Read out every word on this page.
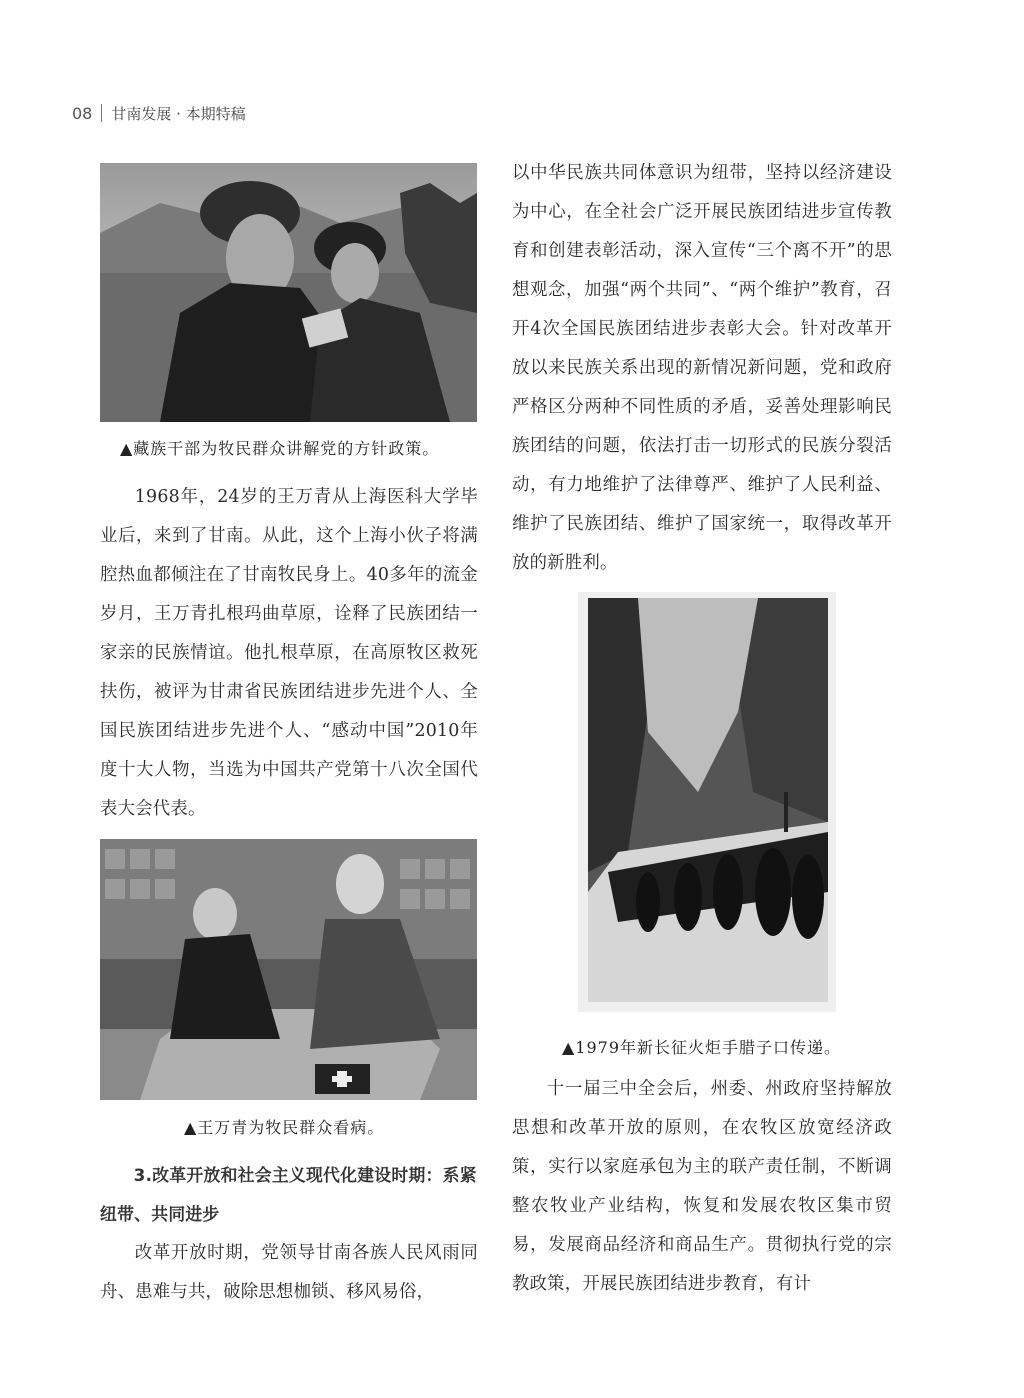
08 甘南发展 · 本期特稿
▲藏族干部为牧民群众讲解党的方针政策。

1968年，24岁的王万青从上海医科大学毕业后，来到了甘南。从此，这个上海小伙子将满腔热血都倾注在了甘南牧民身上。40多年的流金岁月，王万青扎根玛曲草原，诠释了民族团结一家亲的民族情谊。他扎根草原，在高原牧区救死扶伤，被评为甘肃省民族团结进步先进个人、全国民族团结进步先进个人、“感动中国”2010年度十大人物，当选为中国共产党第十八次全国代表大会代表。

▲王万青为牧民群众看病。

3.改革开放和社会主义现代化建设时期：系紧纽带、共同进步

改革开放时期，党领导甘南各族人民风雨同舟、患难与共，破除思想枷锁、移风易俗，

以中华民族共同体意识为纽带，坚持以经济建设为中心，在全社会广泛开展民族团结进步宣传教育和创建表彰活动，深入宣传“三个离不开”的思想观念，加强“两个共同”、“两个维护”教育，召开4次全国民族团结进步表彰大会。针对改革开放以来民族关系出现的新情况新问题，党和政府严格区分两种不同性质的矛盾，妥善处理影响民族团结的问题，依法打击一切形式的民族分裂活动，有力地维护了法律尊严、维护了人民利益、维护了民族团结、维护了国家统一，取得改革开放的新胜利。

▲1979年新长征火炬手腊子口传递。

十一届三中全会后，州委、州政府坚持解放思想和改革开放的原则，在农牧区放宽经济政策，实行以家庭承包为主的联产责任制，不断调整农牧业产业结构，恢复和发展农牧区集市贸易，发展商品经济和商品生产。贯彻执行党的宗教政策，开展民族团结进步教育，有计
